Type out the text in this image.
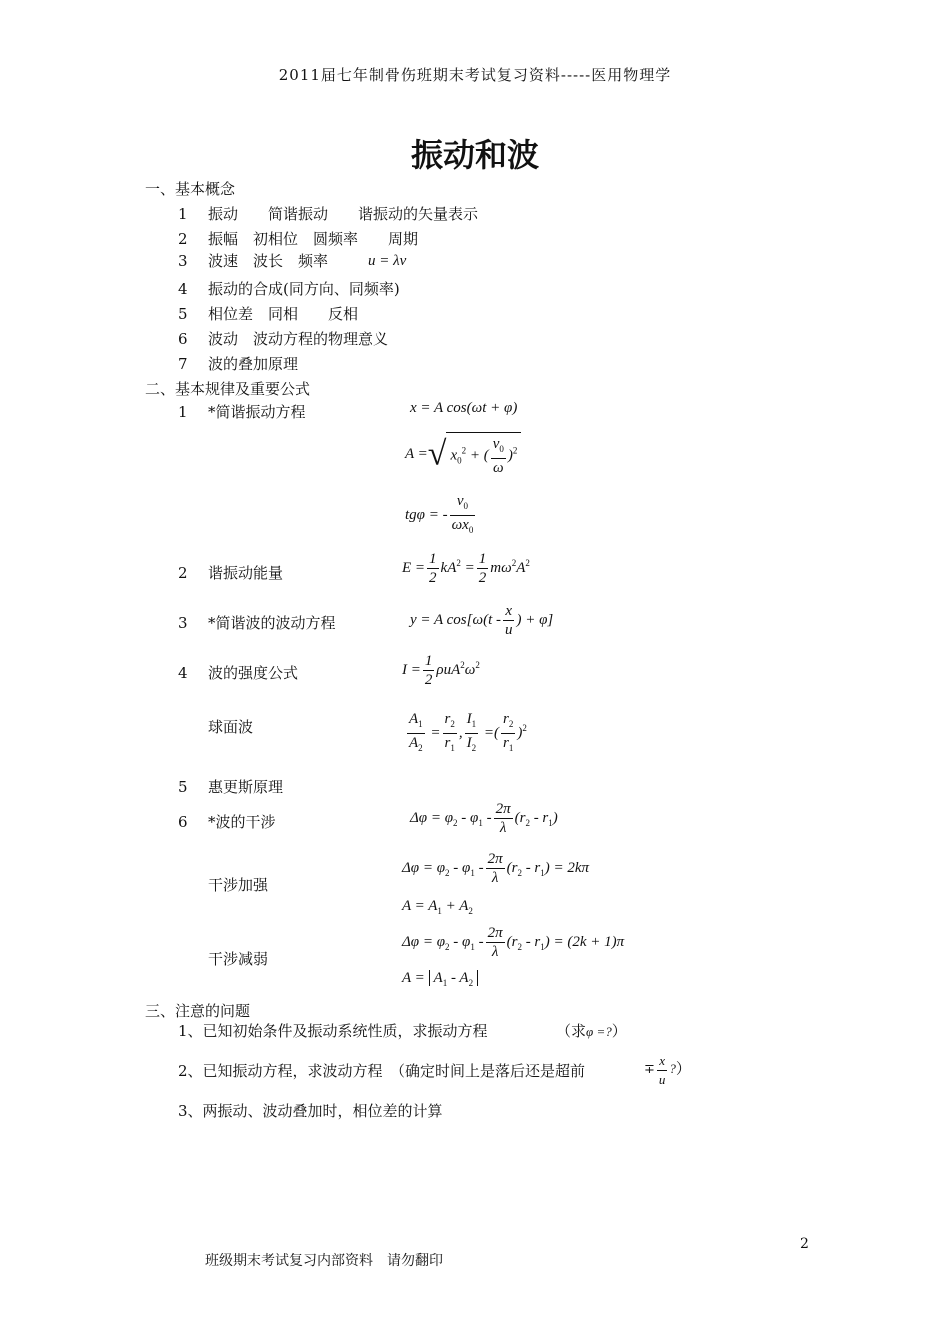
2011届七年制骨伤班期末考试复习资料-----医用物理学
振动和波
一、基本概念
1 振动　　简谐振动　　谐振动的矢量表示
2 振幅　初相位　圆频率　　周期
3 波速　波长　频率	u = λν
4 振动的合成(同方向、同频率)
5 相位差　同相　　反相
6 波动　波动方程的物理意义
7 波的叠加原理
二、基本规律及重要公式
1 *简谐振动方程	x = A cos(ωt + φ)
A =√ $x_0^2$ + ( $\frac{v_0}{\omega} )^2$
tgφ = - $\frac{v_0}{\omega x_0}$
2 谐振动能量	$E = \frac{1}{2} kA^2 = \frac{1}{2} m\omega^2A^2$
3 *简谐波的波动方程	y = A $\cos[\omega(t - \frac{x}{u}$ ) + φ]
4 波的强度公式	$I = \frac{1}{2} \rho uA^2\omega^2$
球面波	$\frac{A_1}{A_2} = \frac{r_2}{r_1}$ , $\frac{I_1}{I_2}$ =( $\frac{r_2}{r_1} )^2$
5 惠更斯原理
6 *波的干涉	$\Delta\varphi = \varphi_2 - \varphi_1 - \frac{2\pi}{\lambda} (r_2 - r_1)$
干涉加强
$\Delta\varphi = \varphi_2 - \varphi_1 - \frac{2\pi}{\lambda} (r_2 - r_1) = 2k\pi$
$A = A_1 + A_2$
干涉减弱
$\Delta\varphi = \varphi_2 - \varphi_1 - \frac{2\pi}{\lambda} (r_2 - r_1) = (2k + 1)\pi$
$A = A_1 - A_2$
三、注意的问题
1、已知初始条件及振动系统性质，求振动方程	（求φ =?）
2、已知振动方程，求波动方程　（确定时间上是落后还是超前	∓ $\frac{x}{u}$ ?）
3、两振动、波动叠加时，相位差的计算
2
班级期末考试复习内部资料　请勿翻印
